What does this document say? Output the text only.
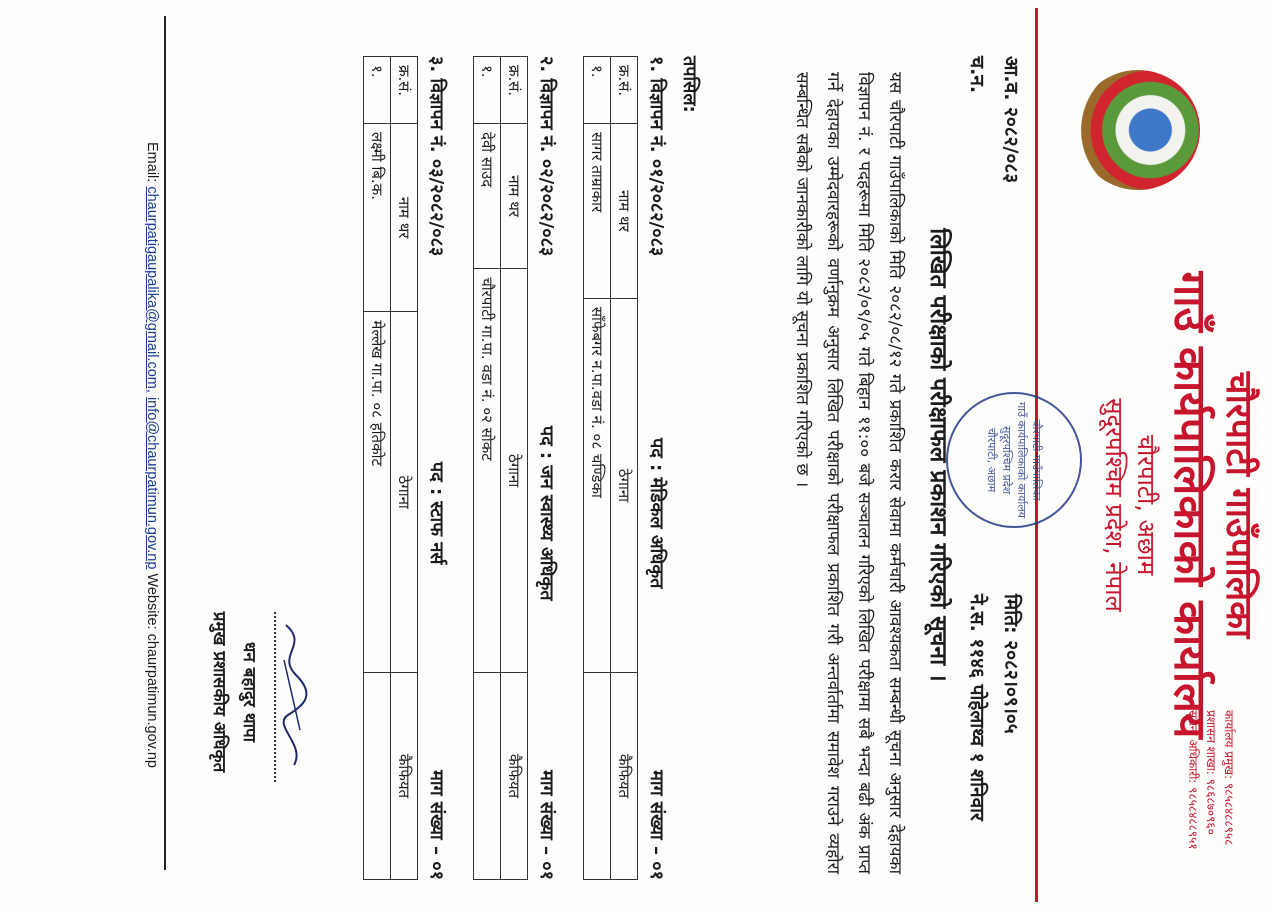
चौरपाटी गाउँपालिका
गाउँ कार्यपालिकाको कार्यालय
चौरपाटी, अछाम
सुदूरपश्चिम प्रदेश, नेपाल
कार्यालय प्रमुख: ९८५८४८८९५८
प्रशासन शाखा: ९८६८७०९६०
सूचना अधिकारी: ९८५८४८८९५१
आ.व. २०८२/०८३
च.न.
चौरपाटी गाउँपालिका
गाउँ कार्यपालिकाको कार्यालय
सुदूरपश्चिम प्रदेश
चौरपाटी, अछाम
मिति: २०८२।०९।०५
ने.स. ११४६ पोहेलाथ्व १ शनिवार
लिखित परीक्षाको परीक्षाफल प्रकाशन गरिएको सूचना ।
यस चौरपाटी गाउँपालिकाको मिति २०८२/०८/१२ गते प्रकाशित करार सेवामा कर्मचारी आवश्यकता सम्बन्धी सूचना अनुसार देहायका विज्ञापन नं. र पदहरूमा मिति २०८२/०९/०५ गते बिहान ११:०० बजे सञ्चालन गरिएको लिखित परीक्षामा सबै भन्दा बढी अंक प्राप्त गर्ने देहायका उम्मेदवारहरूको वर्णानुक्रम अनुसार लिखित परीक्षाको परीक्षाफल प्रकाशित गरी अन्तर्वार्तामा समावेश गराउने व्यहोरा सम्बन्धित सबैको जानकारीको लागि यो सूचना प्रकाशित गरिएको छ ।
तपसिल:
१. विज्ञापन नं. ०१/२०८२/०८३
पद : मेडिकल अधिकृत
माग संख्या – ०१
क्र.सं.	नाम थर	ठेगाना	कैफियत
१.	सागर ताम्राकार	साँफेबगर न.पा.वडा नं. ०८ चण्डिका	
२. विज्ञापन नं. ०२/२०८२/०८३
पद : जन स्वास्थ्य अधिकृत
माग संख्या – ०१
क्र.सं.	नाम थर	ठेगाना	कैफियत
१.	देवी साउद	चौरपाटी गा.पा. वडा नं. ०२ सोकट	
३. विज्ञापन नं. ०३/२०८२/०८३
पद : स्टाफ नर्स
माग संख्या – ०१
क्र.सं.	नाम थर	ठेगाना	कैफियत
१.	लक्ष्मी बि.क.	मेल्लेख गा.पा. ०८ हतिकोट	
धन बहादुर थापा
प्रमुख प्रशासकीय अधिकृत
Email: chaurpatigaupalika@gmail.com, info@chaurpatimun.gov.np Website: chaurpatimun.gov.np
